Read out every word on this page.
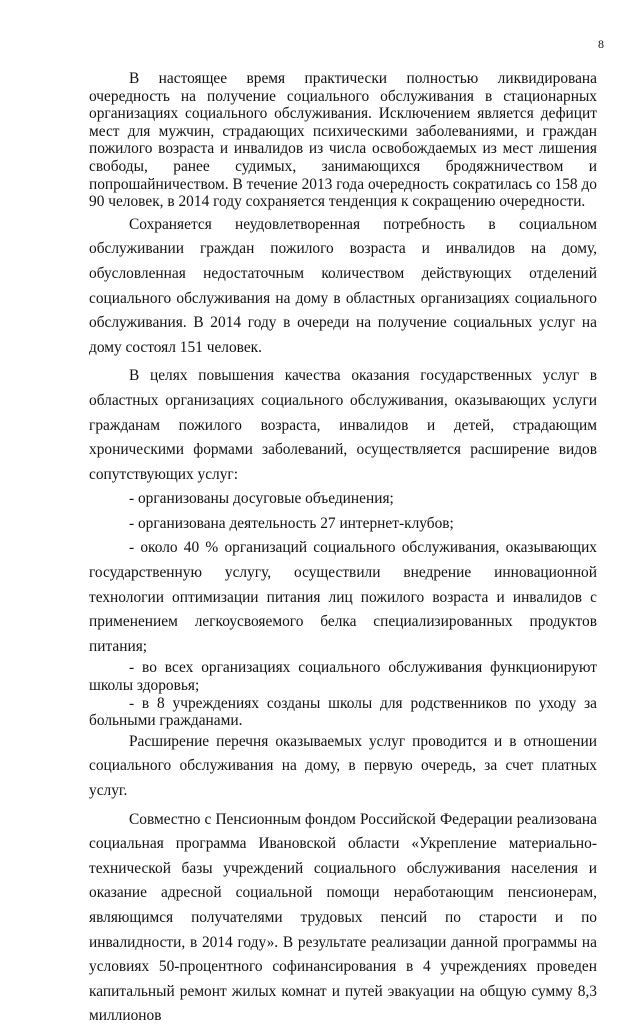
8

В настоящее время практически полностью ликвидирована очередность на получение социального обслуживания в стационарных организациях социального обслуживания. Исключением является дефицит мест для мужчин, страдающих психическими заболеваниями, и граждан пожилого возраста и инвалидов из числа освобождаемых из мест лишения свободы, ранее судимых, занимающихся бродяжничеством и попрошайничеством. В течение 2013 года очередность сократилась со 158 до 90 человек, в 2014 году сохраняется тенденция к сокращению очередности.

Сохраняется неудовлетворенная потребность в социальном обслуживании граждан пожилого возраста и инвалидов на дому, обусловленная недостаточным количеством действующих отделений социального обслуживания на дому в областных организациях социального обслуживания. В 2014 году в очереди на получение социальных услуг на дому состоял 151 человек.

В целях повышения качества оказания государственных услуг в областных организациях социального обслуживания, оказывающих услуги гражданам пожилого возраста, инвалидов и детей, страдающим хроническими формами заболеваний, осуществляется расширение видов сопутствующих услуг:

- организованы досуговые объединения;

- организована деятельность 27 интернет-клубов;

- около 40 % организаций социального обслуживания, оказывающих государственную услугу, осуществили внедрение инновационной технологии оптимизации питания лиц пожилого возраста и инвалидов с применением легкоусвояемого белка специализированных продуктов питания;

- во всех организациях социального обслуживания функционируют школы здоровья;

- в 8 учреждениях созданы школы для родственников по уходу за больными гражданами.

Расширение перечня оказываемых услуг проводится и в отношении социального обслуживания на дому, в первую очередь, за счет платных услуг.

Совместно с Пенсионным фондом Российской Федерации реализована социальная программа Ивановской области «Укрепление материально-технической базы учреждений социального обслуживания населения и оказание адресной социальной помощи неработающим пенсионерам, являющимся получателями трудовых пенсий по старости и по инвалидности, в 2014 году». В результате реализации данной программы на условиях 50-процентного софинансирования в 4 учреждениях проведен капитальный ремонт жилых комнат и путей эвакуации на общую сумму 8,3 миллионов
